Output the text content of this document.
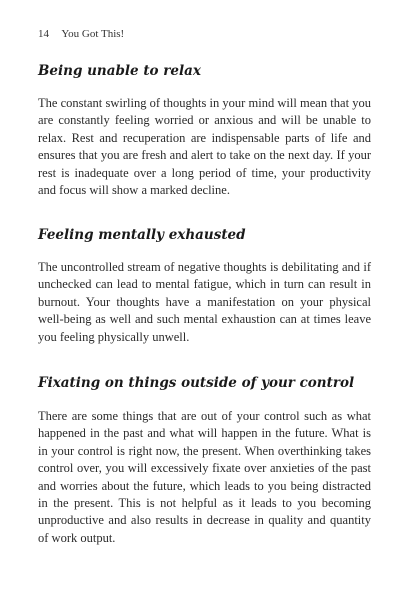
14 You Got This!
Being unable to relax

The constant swirling of thoughts in your mind will mean that you are constantly feeling worried or anxious and will be unable to relax. Rest and recuperation are indispensable parts of life and ensures that you are fresh and alert to take on the next day. If your rest is inadequate over a long period of time, your productivity and focus will show a marked decline.

Feeling mentally exhausted

The uncontrolled stream of negative thoughts is debilitating and if unchecked can lead to mental fatigue, which in turn can result in burnout. Your thoughts have a manifestation on your physical well-being as well and such mental exhaustion can at times leave you feeling physically unwell.

Fixating on things outside of your control

There are some things that are out of your control such as what happened in the past and what will happen in the future. What is in your control is right now, the present. When overthinking takes control over, you will excessively fixate over anxieties of the past and worries about the future, which leads to you being distracted in the present. This is not helpful as it leads to you becoming unproductive and also results in decrease in quality and quantity of work output.
